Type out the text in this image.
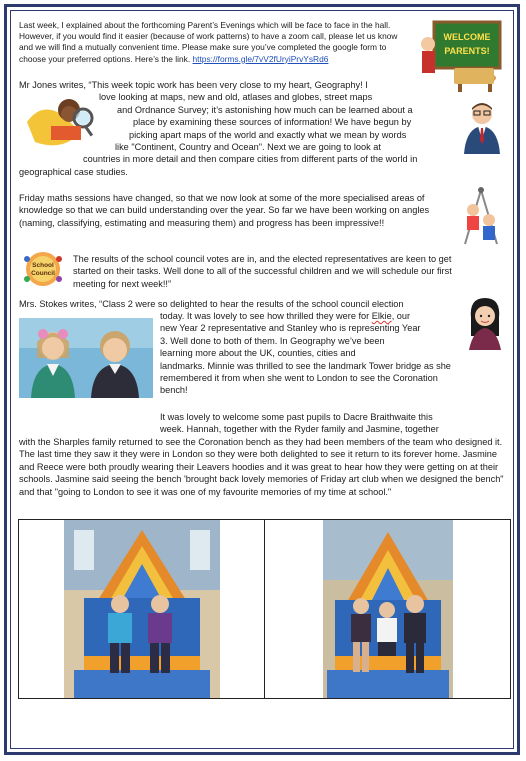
Last week, I explained about the forthcoming Parent’s Evenings which will be face to face in the hall. However, if you would find it easier (because of work patterns) to have a zoom call, please let us know and we will find a mutually convenient time. Please make sure you’ve completed the google form to choose your preferred options. Here’s the link. https://forms.gle/7vV2fUryiPrvYsRd6
WELCOME
PARENTS!

Mr Jones writes, “This week topic work has been very close to my heart, Geography! I

love looking at maps, new and old, atlases and globes, street maps

and Ordnance Survey; it’s astonishing how much can be learned about a

place by examining these sources of information! We have begun by

picking apart maps of the world and exactly what we mean by words

like "Continent, Country and Ocean". Next we are going to look at

countries in more detail and then compare cities from different parts of the world in

geographical case studies.

Friday maths sessions have changed, so that we now look at some of the more specialised areas of knowledge so that we can build understanding over the year. So far we have been working on angles (naming, classifying, estimating and measuring them) and progress has been impressive!!

School
Council

The results of the school council votes are in, and the elected representatives are keen to get started on their tasks. Well done to all of the successful children and we will schedule our first meeting for next week!!”

Mrs. Stokes writes, “Class 2 were so delighted to hear the results of the school council election

today. It was lovely to see how thrilled they were for Elkie, our

new Year 2 representative and Stanley who is representing Year

3. Well done to both of them. In Geography we’ve been

learning more about the UK, counties, cities and

landmarks. Minnie was thrilled to see the landmark Tower bridge as she

remembered it from when she went to London to see the Coronation

bench!

It was lovely to welcome some past pupils to Dacre Braithwaite this

week. Hannah, together with the Ryder family and Jasmine, together

with the Sharples family returned to see the Coronation bench as they had been members of the team who designed it. The last time they saw it they were in London so they were both delighted to see it return to its forever home. Jasmine and Reece were both proudly wearing their Leavers hoodies and it was great to hear how they were getting on at their schools. Jasmine said seeing the bench 'brought back lovely memories of Friday art club when we designed the bench" and that "going to London to see it was one of my favourite memories of my time at school."
